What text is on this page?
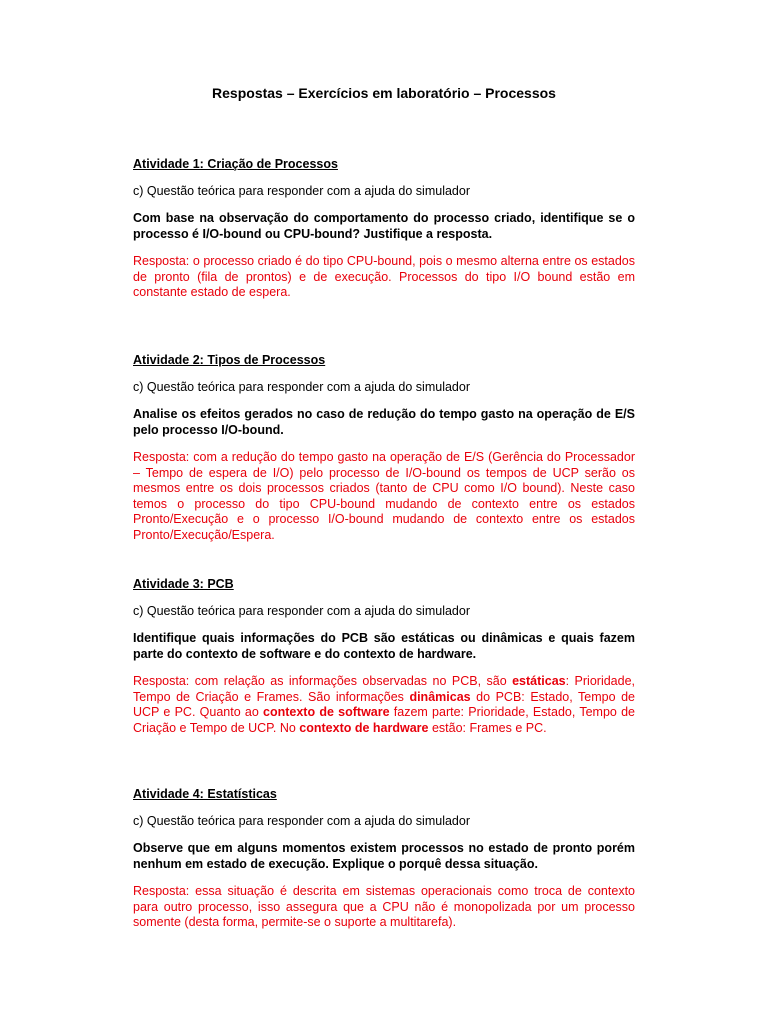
Respostas – Exercícios em laboratório – Processos

Atividade 1: Criação de Processos

c) Questão teórica para responder com a ajuda do simulador

Com base na observação do comportamento do processo criado, identifique se o processo é I/O-bound ou CPU-bound? Justifique a resposta.

Resposta: o processo criado é do tipo CPU-bound, pois o mesmo alterna entre os estados de pronto (fila de prontos) e de execução. Processos do tipo I/O bound estão em constante estado de espera.

Atividade 2: Tipos de Processos

c) Questão teórica para responder com a ajuda do simulador

Analise os efeitos gerados no caso de redução do tempo gasto na operação de E/S pelo processo I/O-bound.

Resposta: com a redução do tempo gasto na operação de E/S (Gerência do Processador – Tempo de espera de I/O) pelo processo de I/O-bound os tempos de UCP serão os mesmos entre os dois processos criados (tanto de CPU como I/O bound). Neste caso temos o processo do tipo CPU-bound mudando de contexto entre os estados Pronto/Execução e o processo I/O-bound mudando de contexto entre os estados Pronto/Execução/Espera.

Atividade 3: PCB

c) Questão teórica para responder com a ajuda do simulador

Identifique quais informações do PCB são estáticas ou dinâmicas e quais fazem parte do contexto de software e do contexto de hardware.

Resposta: com relação as informações observadas no PCB, são estáticas: Prioridade, Tempo de Criação e Frames. São informações dinâmicas do PCB: Estado, Tempo de UCP e PC. Quanto ao contexto de software fazem parte: Prioridade, Estado, Tempo de Criação e Tempo de UCP. No contexto de hardware estão: Frames e PC.

Atividade 4: Estatísticas

c) Questão teórica para responder com a ajuda do simulador

Observe que em alguns momentos existem processos no estado de pronto porém nenhum em estado de execução. Explique o porquê dessa situação.

Resposta: essa situação é descrita em sistemas operacionais como troca de contexto para outro processo, isso assegura que a CPU não é monopolizada por um processo somente (desta forma, permite-se o suporte a multitarefa).
